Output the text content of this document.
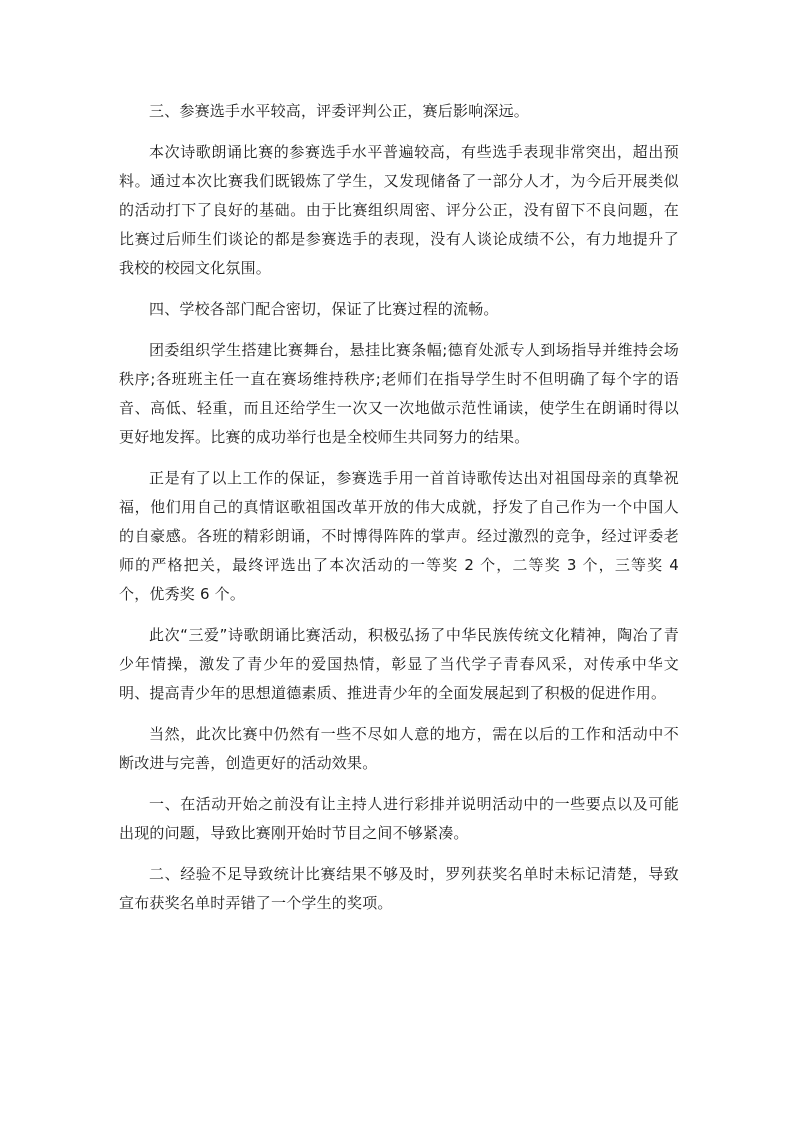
三、参赛选手水平较高，评委评判公正，赛后影响深远。

本次诗歌朗诵比赛的参赛选手水平普遍较高，有些选手表现非常突出，超出预料。通过本次比赛我们既锻炼了学生，又发现储备了一部分人才，为今后开展类似的活动打下了良好的基础。由于比赛组织周密、评分公正，没有留下不良问题，在比赛过后师生们谈论的都是参赛选手的表现，没有人谈论成绩不公，有力地提升了我校的校园文化氛围。

四、学校各部门配合密切，保证了比赛过程的流畅。

团委组织学生搭建比赛舞台，悬挂比赛条幅;德育处派专人到场指导并维持会场秩序;各班班主任一直在赛场维持秩序;老师们在指导学生时不但明确了每个字的语音、高低、轻重，而且还给学生一次又一次地做示范性诵读，使学生在朗诵时得以更好地发挥。比赛的成功举行也是全校师生共同努力的结果。

正是有了以上工作的保证，参赛选手用一首首诗歌传达出对祖国母亲的真挚祝福，他们用自己的真情讴歌祖国改革开放的伟大成就，抒发了自己作为一个中国人的自豪感。各班的精彩朗诵，不时博得阵阵的掌声。经过激烈的竞争，经过评委老师的严格把关，最终评选出了本次活动的一等奖 2 个，二等奖 3 个，三等奖 4 个，优秀奖 6 个。

此次“三爱”诗歌朗诵比赛活动，积极弘扬了中华民族传统文化精神，陶冶了青少年情操，激发了青少年的爱国热情，彰显了当代学子青春风采，对传承中华文明、提高青少年的思想道德素质、推进青少年的全面发展起到了积极的促进作用。

当然，此次比赛中仍然有一些不尽如人意的地方，需在以后的工作和活动中不断改进与完善，创造更好的活动效果。

一、在活动开始之前没有让主持人进行彩排并说明活动中的一些要点以及可能出现的问题，导致比赛刚开始时节目之间不够紧凑。

二、经验不足导致统计比赛结果不够及时，罗列获奖名单时未标记清楚，导致宣布获奖名单时弄错了一个学生的奖项。
